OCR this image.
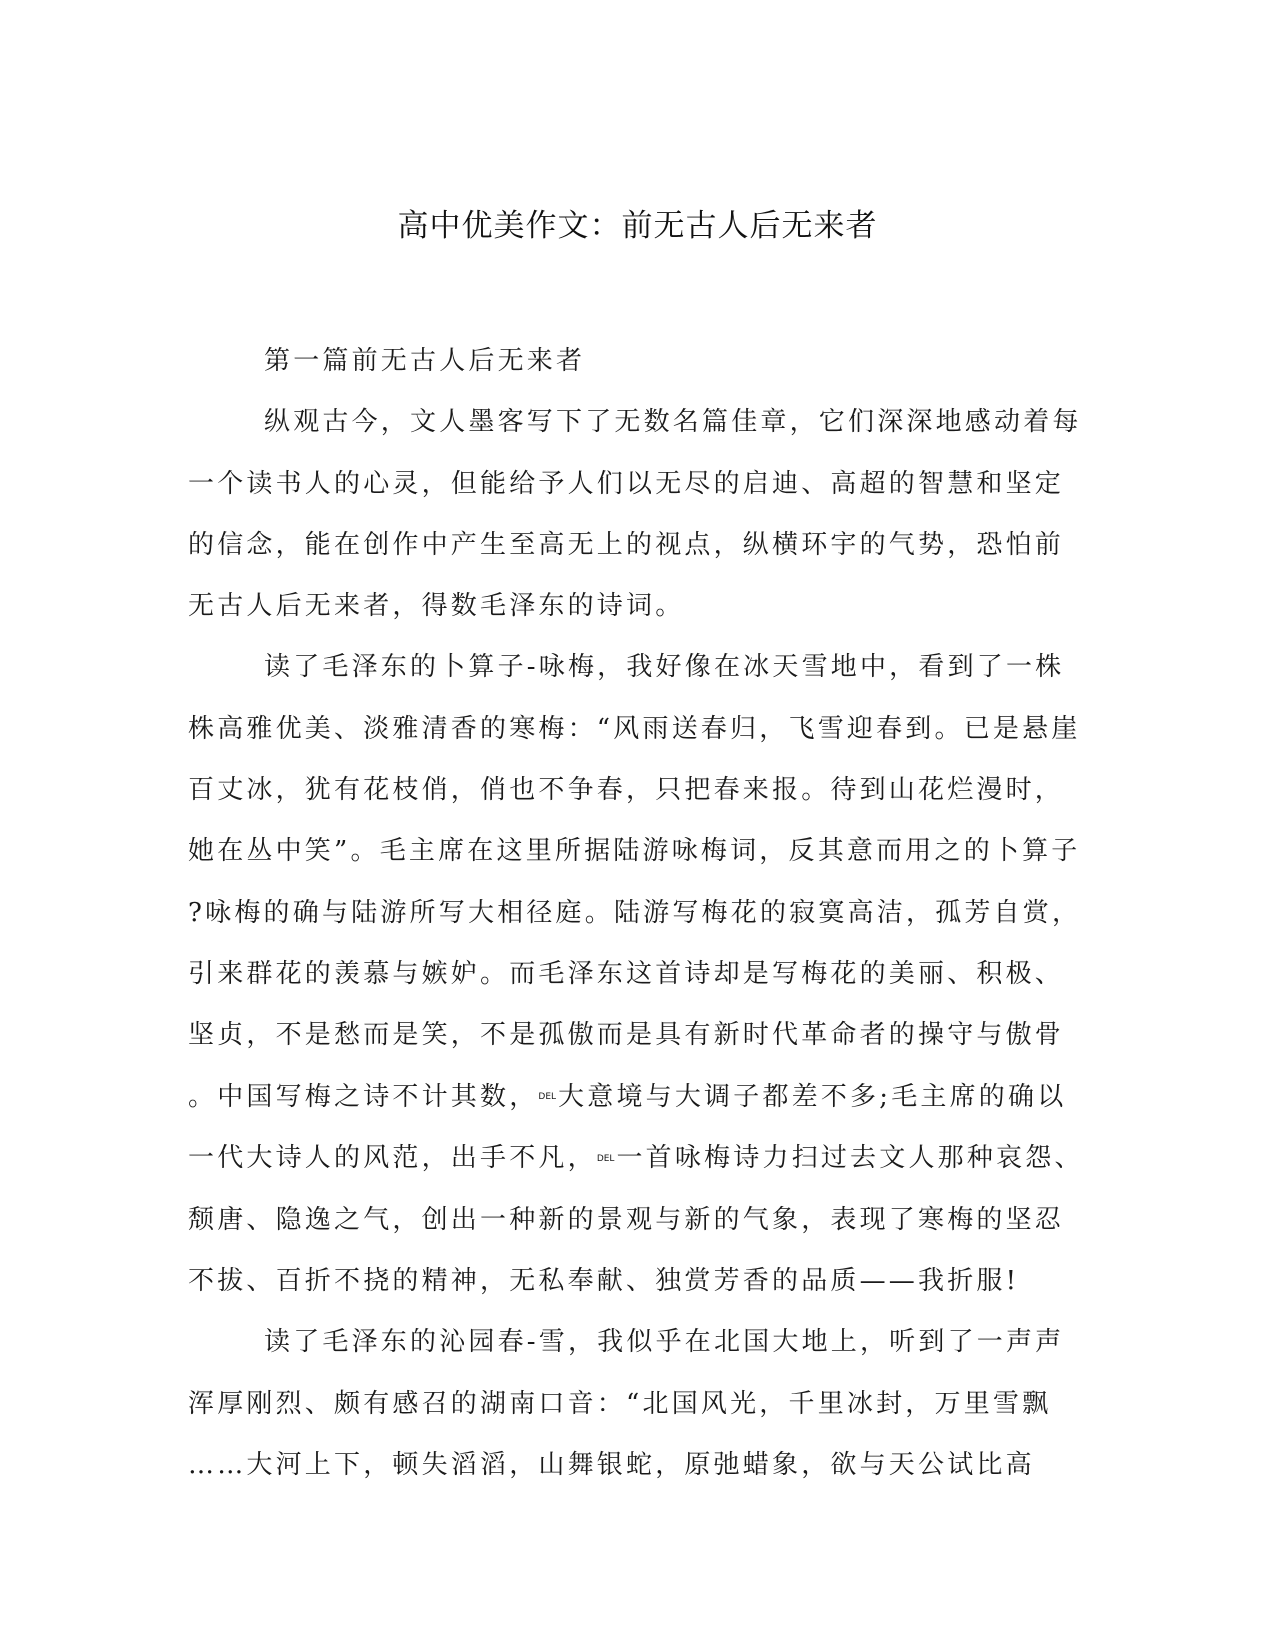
高中优美作文：前无古人后无来者

第一篇前无古人后无来者

纵观古今，文人墨客写下了无数名篇佳章，它们深深地感动着每
一个读书人的心灵，但能给予人们以无尽的启迪、高超的智慧和坚定
的信念，能在创作中产生至高无上的视点，纵横环宇的气势，恐怕前
无古人后无来者，得数毛泽东的诗词。

读了毛泽东的卜算子-咏梅，我好像在冰天雪地中，看到了一株
株高雅优美、淡雅清香的寒梅：“风雨送春归，飞雪迎春到。已是悬崖
百丈冰，犹有花枝俏，俏也不争春，只把春来报。待到山花烂漫时，
她在丛中笑”。毛主席在这里所据陆游咏梅词，反其意而用之的卜算子
?咏梅的确与陆游所写大相径庭。陆游写梅花的寂寞高洁，孤芳自赏，
引来群花的羡慕与嫉妒。而毛泽东这首诗却是写梅花的美丽、积极、
坚贞，不是愁而是笑，不是孤傲而是具有新时代革命者的操守与傲骨
。中国写梅之诗不计其数，DEL大意境与大调子都差不多;毛主席的确以
一代大诗人的风范，出手不凡，DEL一首咏梅诗力扫过去文人那种哀怨、
颓唐、隐逸之气，创出一种新的景观与新的气象，表现了寒梅的坚忍
不拔、百折不挠的精神，无私奉献、独赏芳香的品质——我折服!

读了毛泽东的沁园春-雪，我似乎在北国大地上，听到了一声声
浑厚刚烈、颇有感召的湖南口音：“北国风光，千里冰封，万里雪飘
……大河上下，顿失滔滔，山舞银蛇，原弛蜡象，欲与天公试比高
